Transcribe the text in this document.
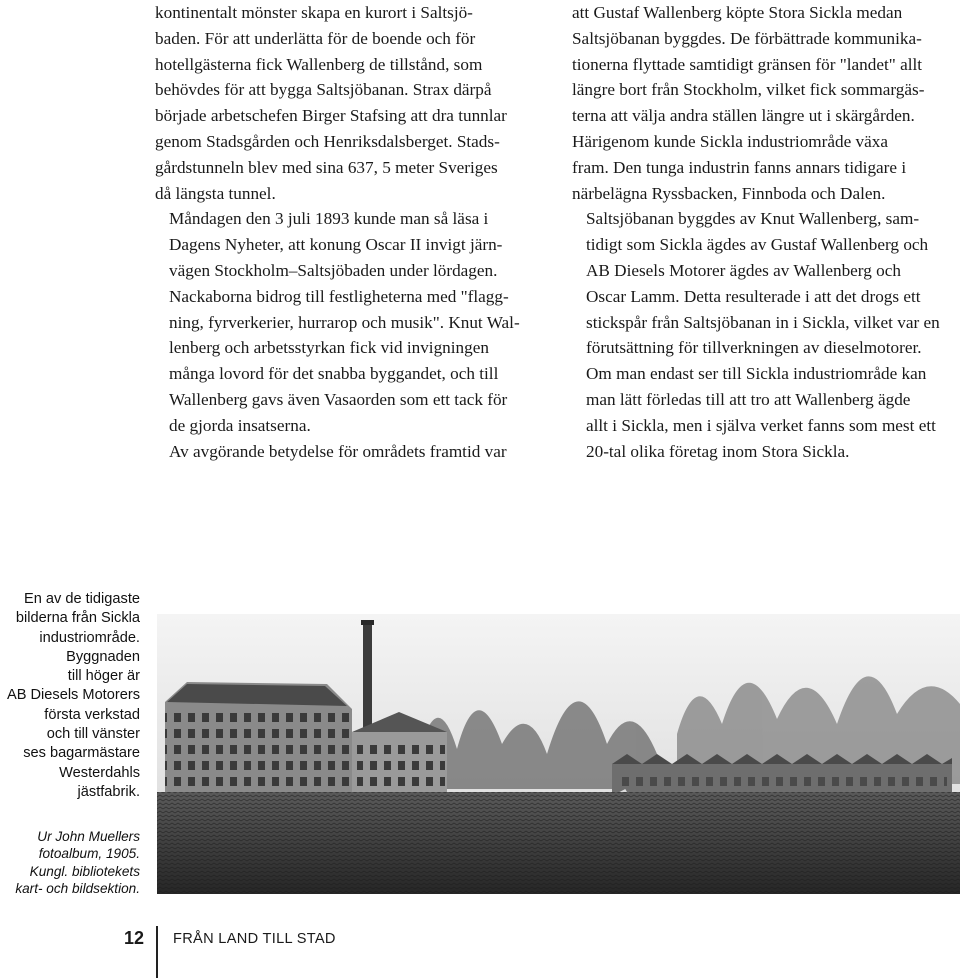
kontinentalt mönster skapa en kurort i Saltsjö-
baden. För att underlätta för de boende och för
hotellgästerna fick Wallenberg de tillstånd, som
behövdes för att bygga Saltsjöbanan. Strax därpå
började arbetschefen Birger Stafsing att dra tunnlar
genom Stadsgården och Henriksdalsberget. Stads-
gårdstunneln blev med sina 637, 5 meter Sveriges
då längsta tunnel.

Måndagen den 3 juli 1893 kunde man så läsa i
Dagens Nyheter, att konung Oscar II invigt järn-
vägen Stockholm–Saltsjöbaden under lördagen.
Nackaborna bidrog till festligheterna med "flagg-
ning, fyrverkerier, hurrarop och musik". Knut Wal-
lenberg och arbetsstyrkan fick vid invigningen
många lovord för det snabba byggandet, och till
Wallenberg gavs även Vasaorden som ett tack för
de gjorda insatserna.

Av avgörande betydelse för områdets framtid var

att Gustaf Wallenberg köpte Stora Sickla medan
Saltsjöbanan byggdes. De förbättrade kommunika-
tionerna flyttade samtidigt gränsen för "landet" allt
längre bort från Stockholm, vilket fick sommargäs-
terna att välja andra ställen längre ut i skärgården.
Härigenom kunde Sickla industriområde växa
fram. Den tunga industrin fanns annars tidigare i
närbelägna Ryssbacken, Finnboda och Dalen.

Saltsjöbanan byggdes av Knut Wallenberg, sam-
tidigt som Sickla ägdes av Gustaf Wallenberg och
AB Diesels Motorer ägdes av Wallenberg och
Oscar Lamm. Detta resulterade i att det drogs ett
stickspår från Saltsjöbanan in i Sickla, vilket var en
förutsättning för tillverkningen av dieselmotorer.
Om man endast ser till Sickla industriområde kan
man lätt förledas till att tro att Wallenberg ägde
allt i Sickla, men i själva verket fanns som mest ett
20-tal olika företag inom Stora Sickla.

En av de tidigaste
bilderna från Sickla
industriområde.
Byggnaden
till höger är
AB Diesels Motorers
första verkstad
och till vänster
ses bagarmästare
Westerdahls
jästfabrik.
Ur John Muellers
fotoalbum, 1905.
Kungl. bibliotekets
kart- och bildsektion.
12 FRÅN LAND TILL STAD
